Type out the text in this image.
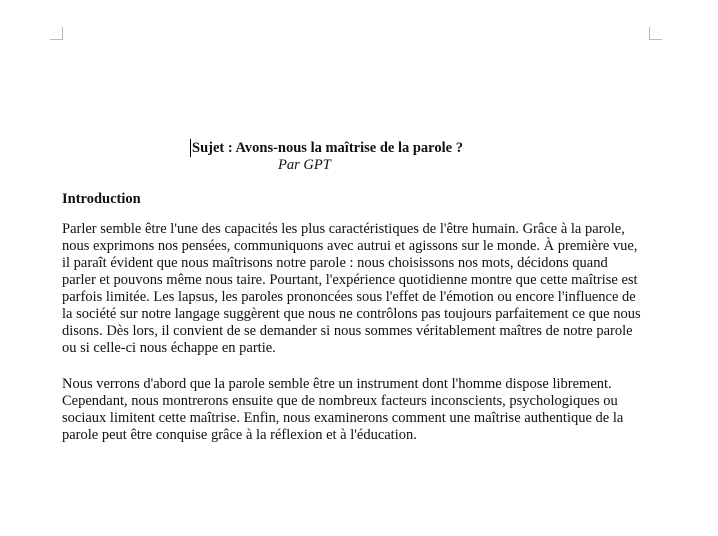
Sujet : Avons-nous la maîtrise de la parole ?
Par GPT
Introduction
Parler semble être l'une des capacités les plus caractéristiques de l'être humain. Grâce à la parole,
nous exprimons nos pensées, communiquons avec autrui et agissons sur le monde. À première vue,
il paraît évident que nous maîtrisons notre parole : nous choisissons nos mots, décidons quand
parler et pouvons même nous taire. Pourtant, l'expérience quotidienne montre que cette maîtrise est
parfois limitée. Les lapsus, les paroles prononcées sous l'effet de l'émotion ou encore l'influence de
la société sur notre langage suggèrent que nous ne contrôlons pas toujours parfaitement ce que nous
disons. Dès lors, il convient de se demander si nous sommes véritablement maîtres de notre parole
ou si celle-ci nous échappe en partie.
Nous verrons d'abord que la parole semble être un instrument dont l'homme dispose librement.
Cependant, nous montrerons ensuite que de nombreux facteurs inconscients, psychologiques ou
sociaux limitent cette maîtrise. Enfin, nous examinerons comment une maîtrise authentique de la
parole peut être conquise grâce à la réflexion et à l'éducation.
